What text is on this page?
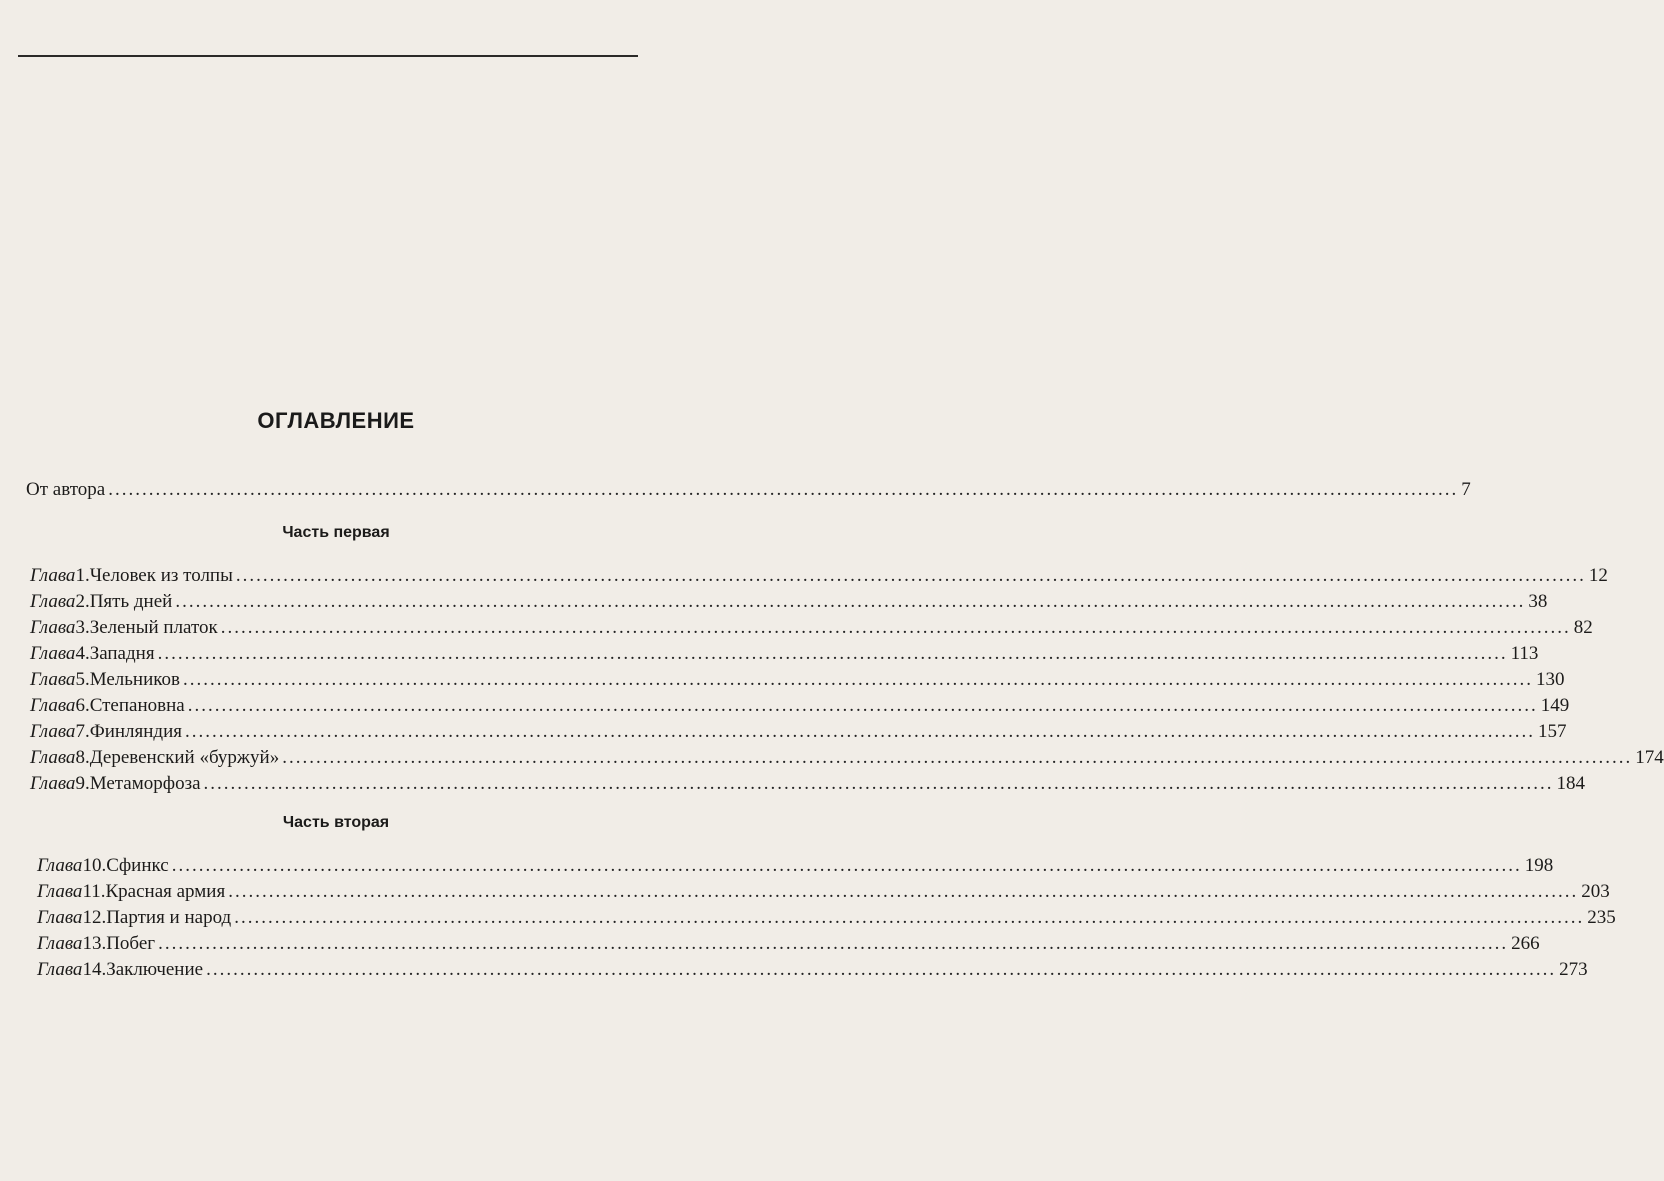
ОГЛАВЛЕНИЕ
От автора ........................................................................................................................................................................................................ 7
Часть первая
Глава 1. Человек из толпы ........................................................................................................................................................................................................ 12
Глава 2. Пять дней ........................................................................................................................................................................................................ 38
Глава 3. Зеленый платок ........................................................................................................................................................................................................ 82
Глава 4. Западня ........................................................................................................................................................................................................ 113
Глава 5. Мельников ........................................................................................................................................................................................................ 130
Глава 6. Степановна ........................................................................................................................................................................................................ 149
Глава 7. Финляндия ........................................................................................................................................................................................................ 157
Глава 8. Деревенский «буржуй» ........................................................................................................................................................................................................ 174
Глава 9. Метаморфоза ........................................................................................................................................................................................................ 184
Часть вторая
Глава 10. Сфинкс ........................................................................................................................................................................................................ 198
Глава 11. Красная армия ........................................................................................................................................................................................................ 203
Глава 12. Партия и народ ........................................................................................................................................................................................................ 235
Глава 13. Побег ........................................................................................................................................................................................................ 266
Глава 14. Заключение ........................................................................................................................................................................................................ 273
